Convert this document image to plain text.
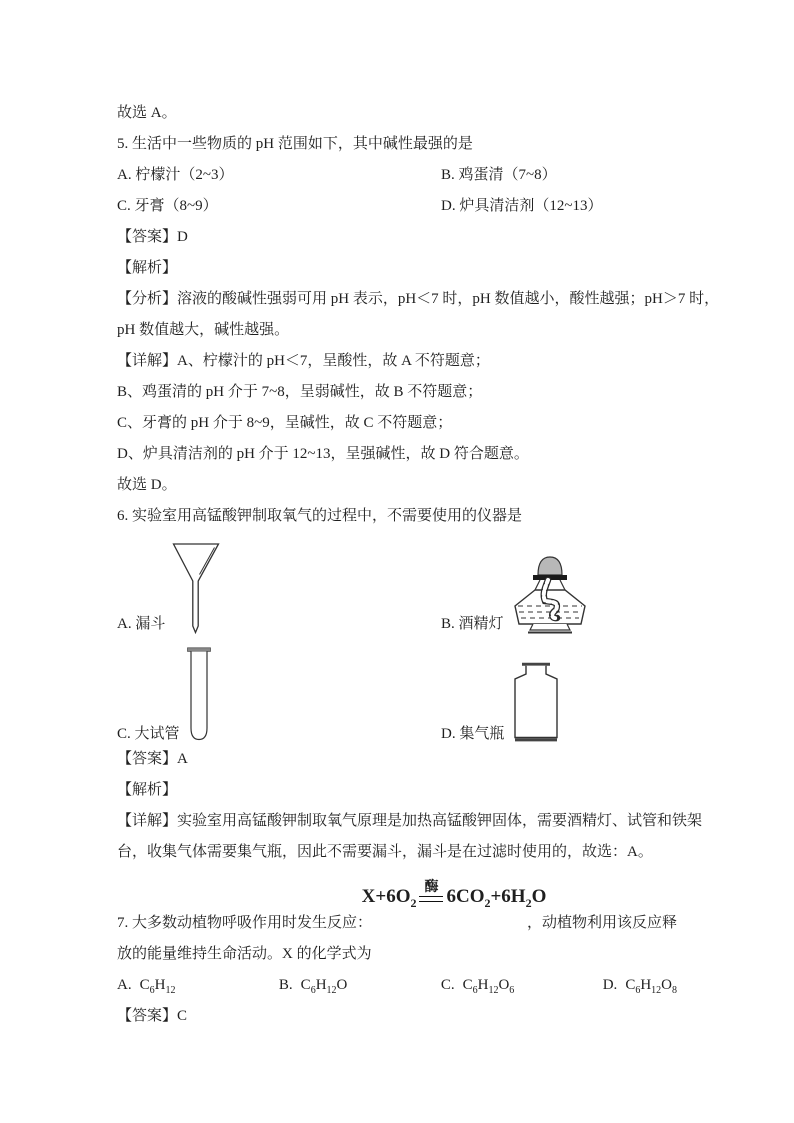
故选 A。
5. 生活中一些物质的 pH 范围如下，其中碱性最强的是
A. 柠檬汁（2~3）	B. 鸡蛋清（7~8）
C. 牙膏（8~9）	D. 炉具清洁剂（12~13）
【答案】D
【解析】
【分析】溶液的酸碱性强弱可用 pH 表示，pH＜7 时，pH 数值越小，酸性越强；pH＞7 时，
pH 数值越大，碱性越强。
【详解】A、柠檬汁的 pH＜7，呈酸性，故 A 不符题意；
B、鸡蛋清的 pH 介于 7~8，呈弱碱性，故 B 不符题意；
C、牙膏的 pH 介于 8~9，呈碱性，故 C 不符题意；
D、炉具清洁剂的 pH 介于 12~13，呈强碱性，故 D 符合题意。
故选 D。
6. 实验室用高锰酸钾制取氧气的过程中，不需要使用的仪器是
A. 漏斗	B. 酒精灯
C. 大试管	D. 集气瓶
【答案】A
【解析】
【详解】实验室用高锰酸钾制取氧气原理是加热高锰酸钾固体，需要酒精灯、试管和铁架
台，收集气体需要集气瓶，因此不需要漏斗，漏斗是在过滤时使用的，故选：A。
$X+6O_2$
酶 $6CO_2+6H_2O$
7. 大多数动植物呼吸作用时发生反应：	，动植物利用该反应释
放的能量维持生命活动。X 的化学式为
A. $C_6H_{12}$	B. $C_6H_{12}O$	C. $C_6H_{12}O_6$	D. $C_6H_{12}O_8$
【答案】C
